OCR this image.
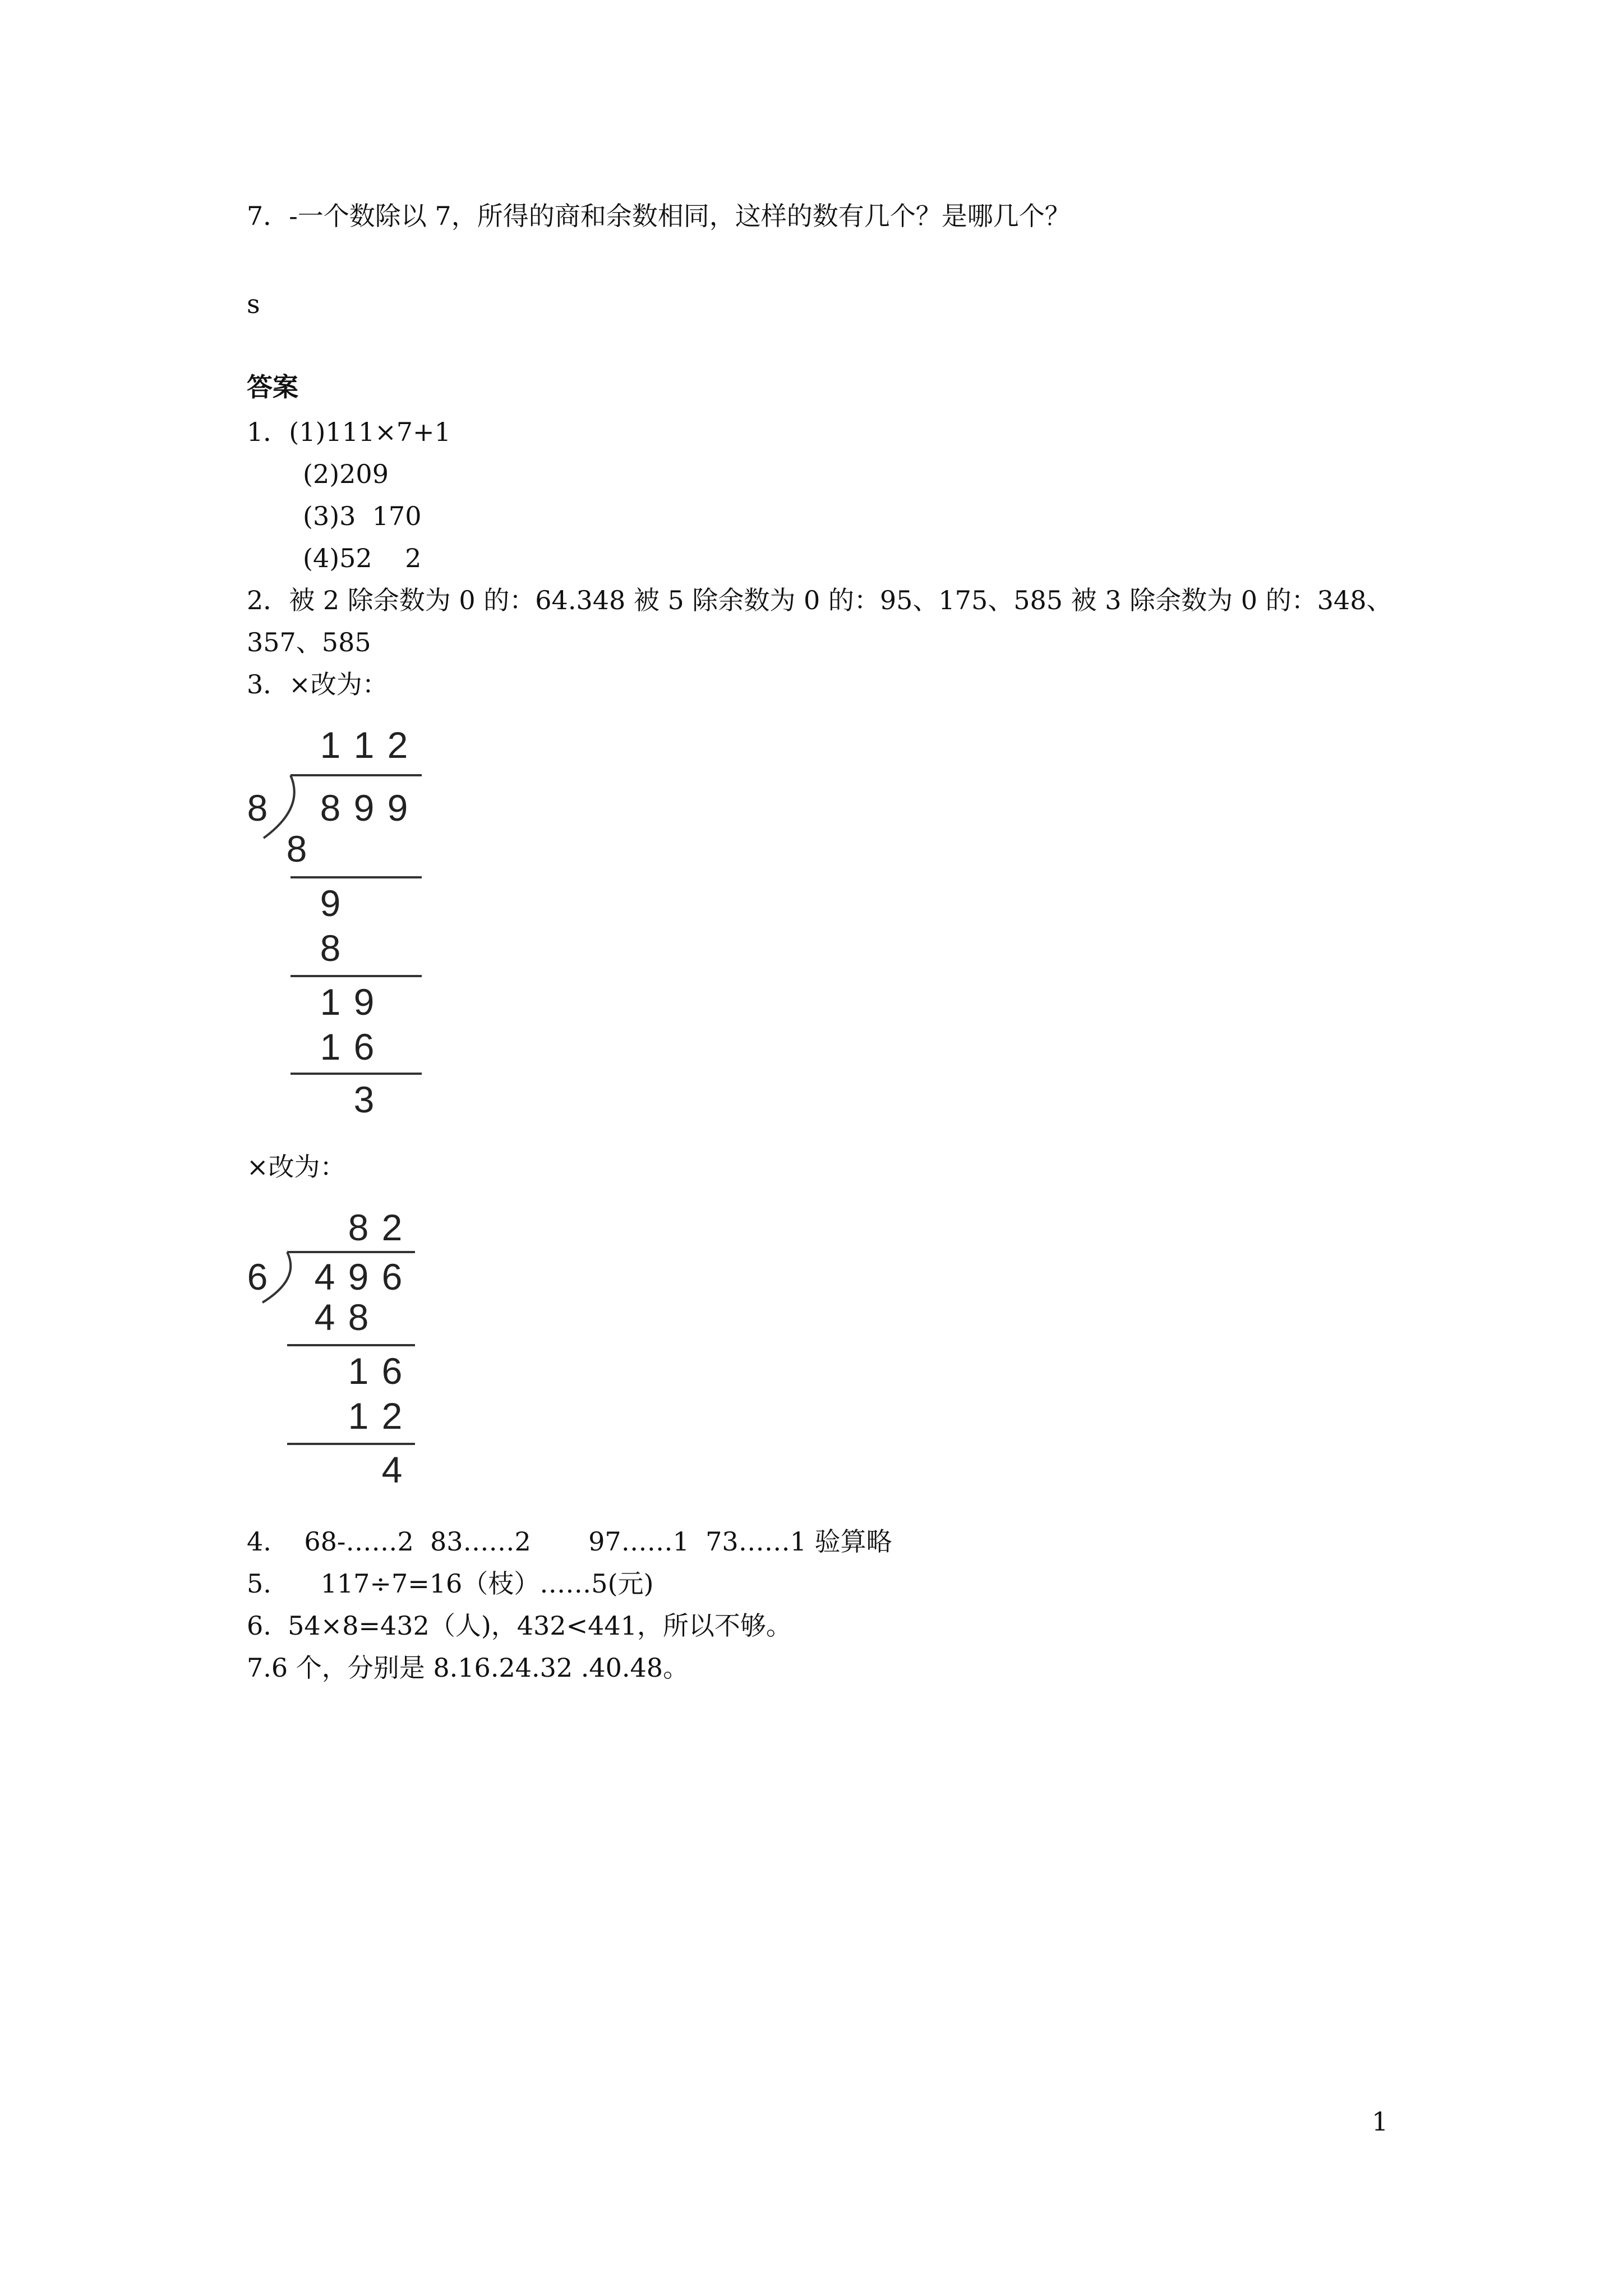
7．-一个数除以 7，所得的商和余数相同，这样的数有几个？是哪几个？
s
答案
1．(1)111×7+1
(2)209
(3)3  170
(4)52    2
2．被 2 除余数为 0 的：64.348 被 5 除余数为 0 的：95、175、585 被 3 除余数为 0 的：348、
357、585
3．×改为：
1 1 2
8 8 9 9
8
9
8
1 9
1 6
3
×改为：
8 2
6 4 9 6
4 8
1 6
1 2
4
4.    68-……2  83……2       97……1  73……1 验算略
5.      117÷7=16（枝）……5(元)
6.  54×8=432（人)，432<441，所以不够。
7.6 个，分别是 8.16.24.32 .40.48。
1
